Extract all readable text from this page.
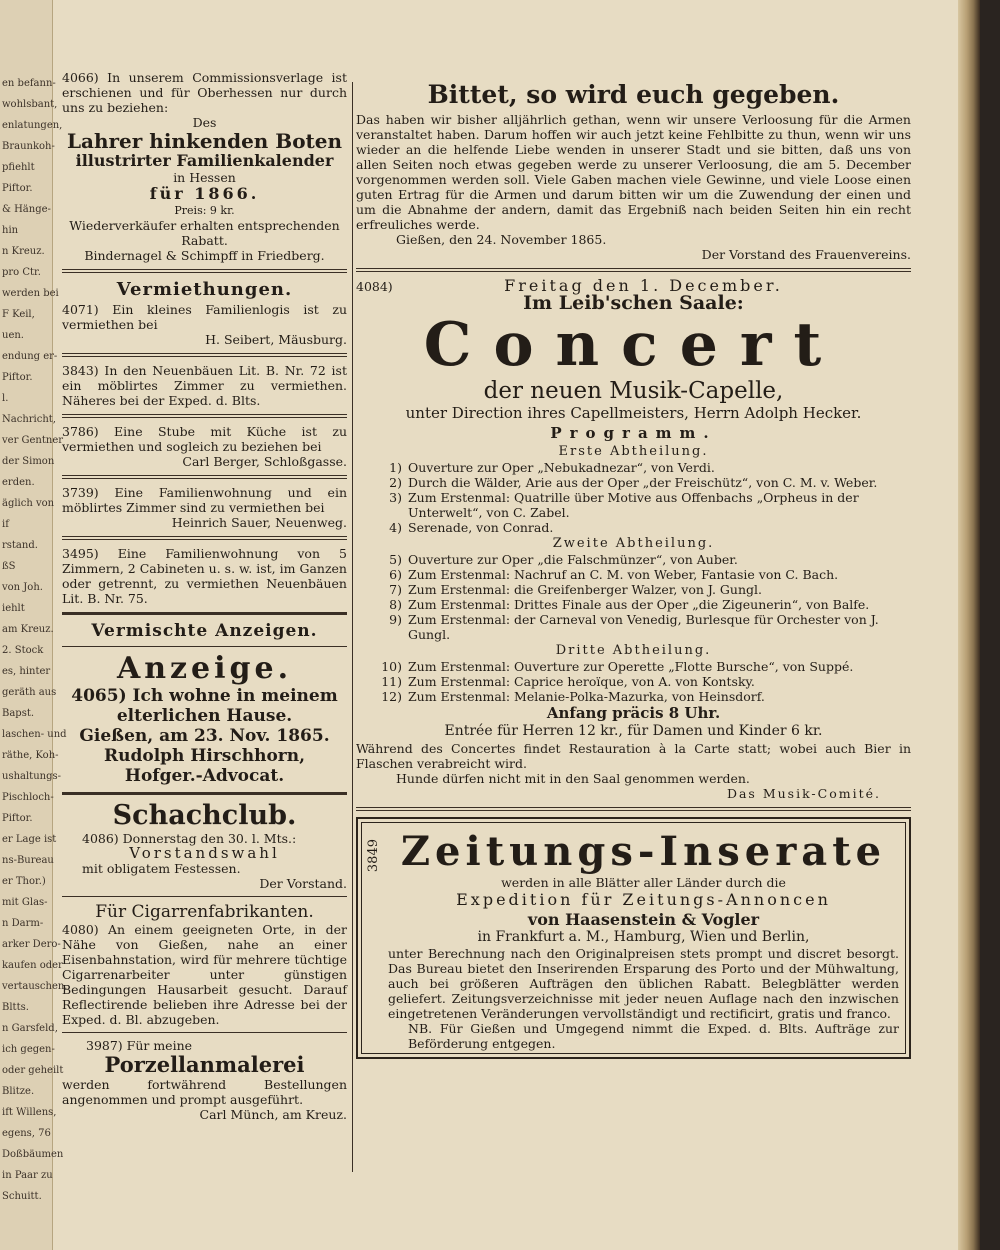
en befann-
wohlsbant,
enlatungen,
Braunkoh-
pfiehlt
Piftor.
& Hänge-
hin
n Kreuz.
pro Ctr.
werden bei
F Keil,
uen.
endung er-
Piftor.
l.
Nachricht,
ver Gentner
der Simon
erden.
äglich von
if
rstand.
ßS
von Joh.
iehlt
am Kreuz.
2. Stock
es, hinter
geräth aus
Bapst.
laschen- und
räthe, Koh-
ushaltungs-
Pischloch-
Piftor.
er Lage ist
ns-Bureau
er Thor.)
mit Glas-
n Darm-
arker Dero-
kaufen oder
vertauschen.
Bltts.
n Garsfeld,
ich gegen-
oder geheilt
Blitze.
ift Willens,
egens, 76
Doßbäumen
in Paar zu
Schuitt.

4066) In unserem Commissionsverlage ist erschienen und für Oberhessen nur durch uns zu beziehen:

Des

Lahrer hinkenden Boten
illustrirter Familienkalender

in Hessen

für 1866.

Preis: 9 kr.

Wiederverkäufer erhalten entsprechenden Rabatt.

Bindernagel & Schimpff in Friedberg.

Vermiethungen.

4071) Ein kleines Familienlogis ist zu vermiethen bei

H. Seibert, Mäusburg.

3843) In den Neuenbäuen Lit. B. Nr. 72 ist ein möblirtes Zimmer zu vermiethen. Näheres bei der Exped. d. Blts.

3786) Eine Stube mit Küche ist zu vermiethen und sogleich zu beziehen bei

Carl Berger, Schloßgasse.

3739) Eine Familienwohnung und ein möblirtes Zimmer sind zu vermiethen bei

Heinrich Sauer, Neuenweg.

3495) Eine Familienwohnung von 5 Zimmern, 2 Cabineten u. s. w. ist, im Ganzen oder getrennt, zu vermiethen Neuenbäuen Lit. B. Nr. 75.

Vermischte Anzeigen.
Anzeige.
4065) Ich wohne in meinem elterlichen Hause.
Gießen, am 23. Nov. 1865.
Rudolph Hirschhorn,
Hofger.-Advocat.
Schachclub.

4086) Donnerstag den 30. l. Mts.:

Vorstandswahl

mit obligatem Festessen.

Der Vorstand.

Für Cigarrenfabrikanten.

4080) An einem geeigneten Orte, in der Nähe von Gießen, nahe an einer Eisenbahnstation, wird für mehrere tüchtige Cigarrenarbeiter unter günstigen Bedingungen Hausarbeit gesucht. Darauf Reflectirende belieben ihre Adresse bei der Exped. d. Bl. abzugeben.

3987) Für meine

Porzellanmalerei

werden fortwährend Bestellungen angenommen und prompt ausgeführt.

Carl Münch, am Kreuz.

Bittet, so wird euch gegeben.

Das haben wir bisher alljährlich gethan, wenn wir unsere Verloosung für die Armen veranstaltet haben. Darum hoffen wir auch jetzt keine Fehlbitte zu thun, wenn wir uns wieder an die helfende Liebe wenden in unserer Stadt und sie bitten, daß uns von allen Seiten noch etwas gegeben werde zu unserer Verloosung, die am 5. December vorgenommen werden soll. Viele Gaben machen viele Gewinne, und viele Loose einen guten Ertrag für die Armen und darum bitten wir um die Zuwendung der einen und um die Abnahme der andern, damit das Ergebniß nach beiden Seiten hin ein recht erfreuliches werde.

Gießen, den 24. November 1865.

Der Vorstand des Frauenvereins.

4084)	Freitag den 1. December.
Im Leib'schen Saale:
Concert
der neuen Musik-Capelle,
unter Direction ihres Capellmeisters, Herrn Adolph Hecker.
Programm.
Erste Abtheilung.
1) Ouverture zur Oper „Nebukadnezar“, von Verdi.
2) Durch die Wälder, Arie aus der Oper „der Freischütz“, von C. M. v. Weber.
3) Zum Erstenmal: Quatrille über Motive aus Offenbachs „Orpheus in der Unterwelt“, von C. Zabel.
4) Serenade, von Conrad.
Zweite Abtheilung.
5) Ouverture zur Oper „die Falschmünzer“, von Auber.
6) Zum Erstenmal: Nachruf an C. M. von Weber, Fantasie von C. Bach.
7) Zum Erstenmal: die Greifenberger Walzer, von J. Gungl.
8) Zum Erstenmal: Drittes Finale aus der Oper „die Zigeunerin“, von Balfe.
9) Zum Erstenmal: der Carneval von Venedig, Burlesque für Orchester von J. Gungl.
Dritte Abtheilung.
10) Zum Erstenmal: Ouverture zur Operette „Flotte Bursche“, von Suppé.
11) Zum Erstenmal: Caprice heroïque, von A. von Kontsky.
12) Zum Erstenmal: Melanie-Polka-Mazurka, von Heinsdorf.
Anfang präcis 8 Uhr.
Entrée für Herren 12 kr., für Damen und Kinder 6 kr.

Während des Concertes findet Restauration à la Carte statt; wobei auch Bier in Flaschen verabreicht wird.

Hunde dürfen nicht mit in den Saal genommen werden.

Das Musik-Comité.

3849 Zeitungs-Inserate

werden in alle Blätter aller Länder durch die

Expedition für Zeitungs-Annoncen

von Haasenstein & Vogler

in Frankfurt a. M., Hamburg, Wien und Berlin,

unter Berechnung nach den Originalpreisen stets prompt und discret besorgt. Das Bureau bietet den Inserirenden Ersparung des Porto und der Mühwaltung, auch bei größeren Aufträgen den üblichen Rabatt. Belegblätter werden geliefert. Zeitungsverzeichnisse mit jeder neuen Auflage nach den inzwischen eingetretenen Veränderungen vervollständigt und rectificirt, gratis und franco.

NB. Für Gießen und Umgegend nimmt die Exped. d. Blts. Aufträge zur Beförderung entgegen.
